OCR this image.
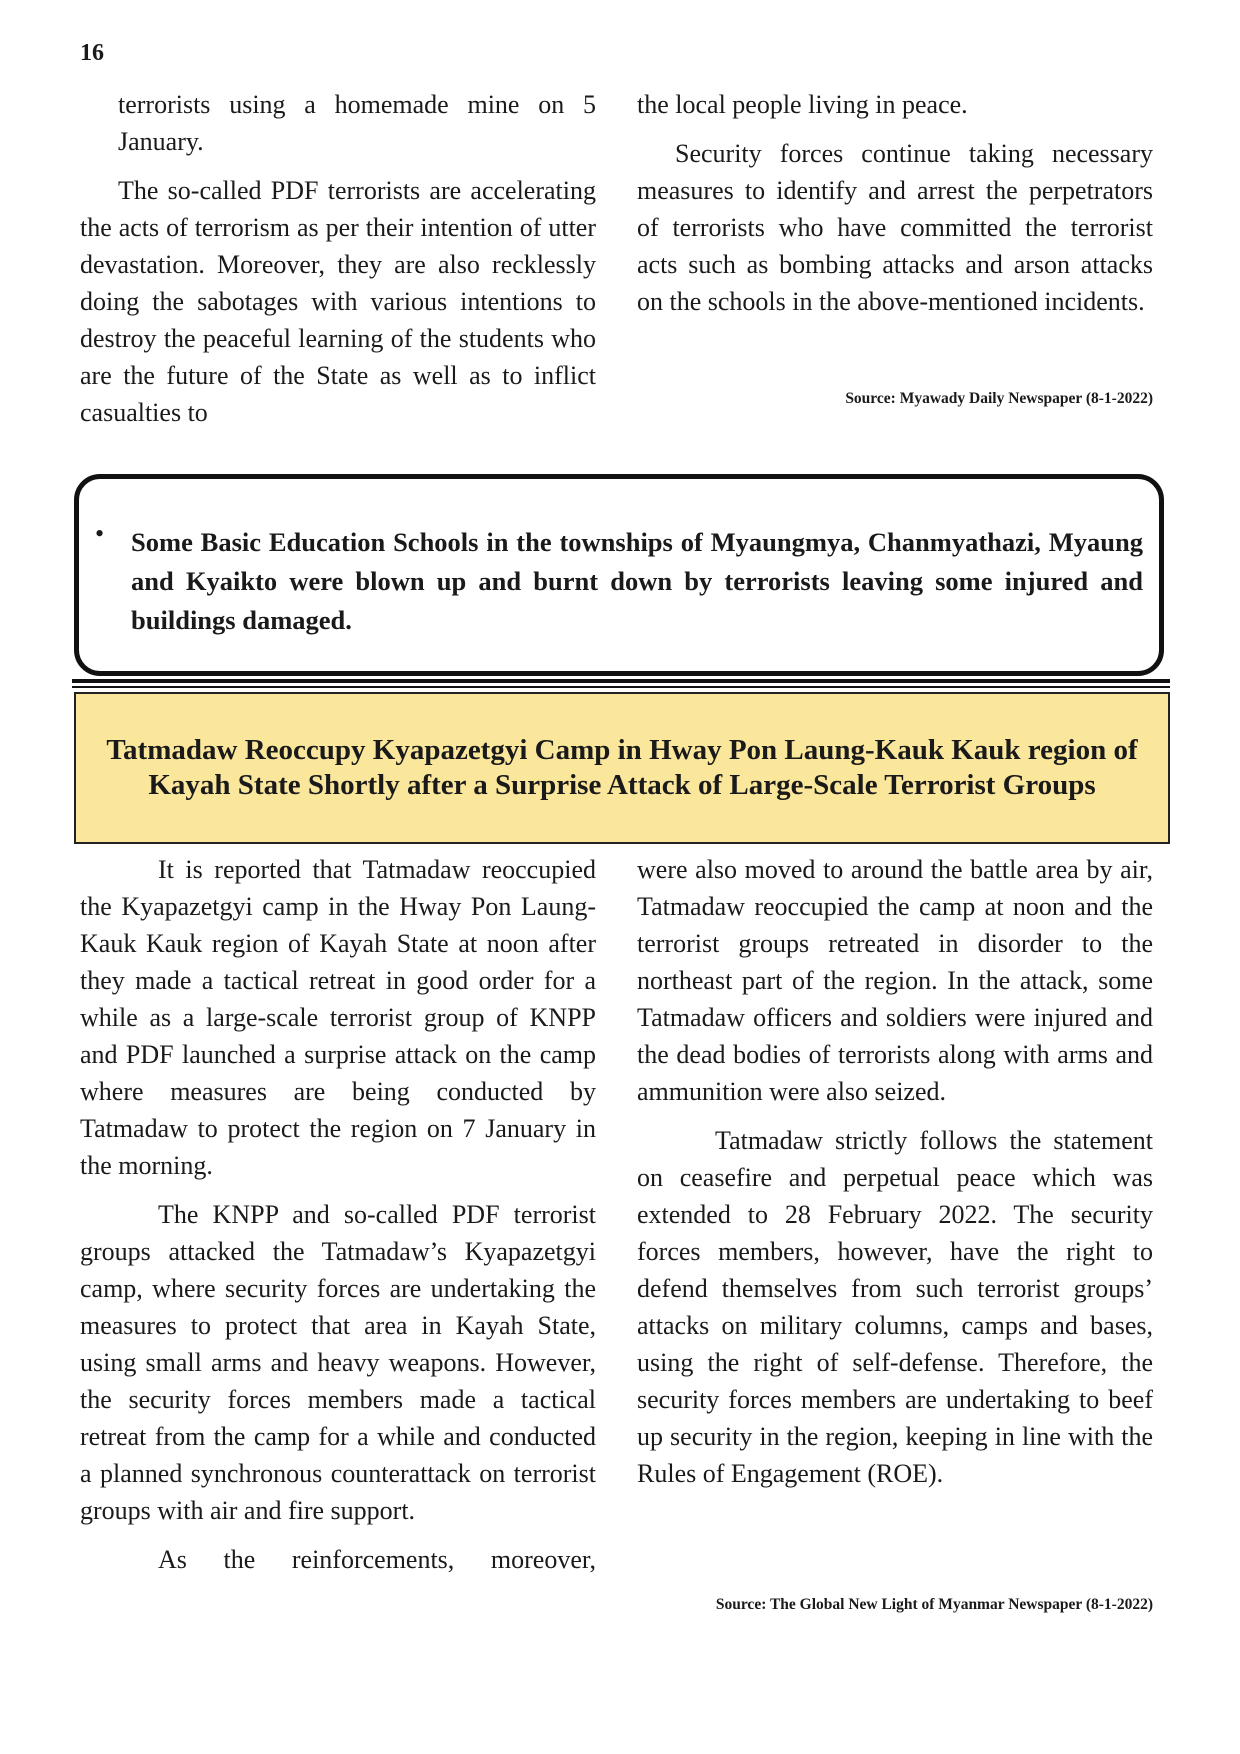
16

terrorists using a homemade mine on 5 January.

The so-called PDF terrorists are accelerating the acts of terrorism as per their intention of utter devastation. Moreover, they are also recklessly doing the sabotages with various intentions to destroy the peaceful learning of the students who are the future of the State as well as to inflict casualties to

the local people living in peace.

Security forces continue taking necessary measures to identify and arrest the perpetrators of terrorists who have committed the terrorist acts such as bombing attacks and arson attacks on the schools in the above-mentioned incidents.

Source: Myawady Daily Newspaper (8-1-2022)
• Some Basic Education Schools in the townships of Myaungmya, Chanmyathazi, Myaung and Kyaikto were blown up and burnt down by terrorists leaving some injured and buildings damaged.
Tatmadaw Reoccupy Kyapazetgyi Camp in Hway Pon Laung-Kauk Kauk region of Kayah State Shortly after a Surprise Attack of Large-Scale Terrorist Groups

It is reported that Tatmadaw reoccupied the Kyapazetgyi camp in the Hway Pon Laung-Kauk Kauk region of Kayah State at noon after they made a tactical retreat in good order for a while as a large-scale terrorist group of KNPP and PDF launched a surprise attack on the camp where measures are being conducted by Tatmadaw to protect the region on 7 January in the morning.

The KNPP and so-called PDF terrorist groups attacked the Tatmadaw’s Kyapazetgyi camp, where security forces are undertaking the measures to protect that area in Kayah State, using small arms and heavy weapons. However, the security forces members made a tactical retreat from the camp for a while and conducted a planned synchronous counterattack on terrorist groups with air and fire support.

As the reinforcements, moreover,

were also moved to around the battle area by air, Tatmadaw reoccupied the camp at noon and the terrorist groups retreated in disorder to the northeast part of the region. In the attack, some Tatmadaw officers and soldiers were injured and the dead bodies of terrorists along with arms and ammunition were also seized.

Tatmadaw strictly follows the statement on ceasefire and perpetual peace which was extended to 28 February 2022. The security forces members, however, have the right to defend themselves from such terrorist groups’ attacks on military columns, camps and bases, using the right of self-defense. Therefore, the security forces members are undertaking to beef up security in the region, keeping in line with the Rules of Engagement (ROE).

Source: The Global New Light of Myanmar Newspaper (8-1-2022)
